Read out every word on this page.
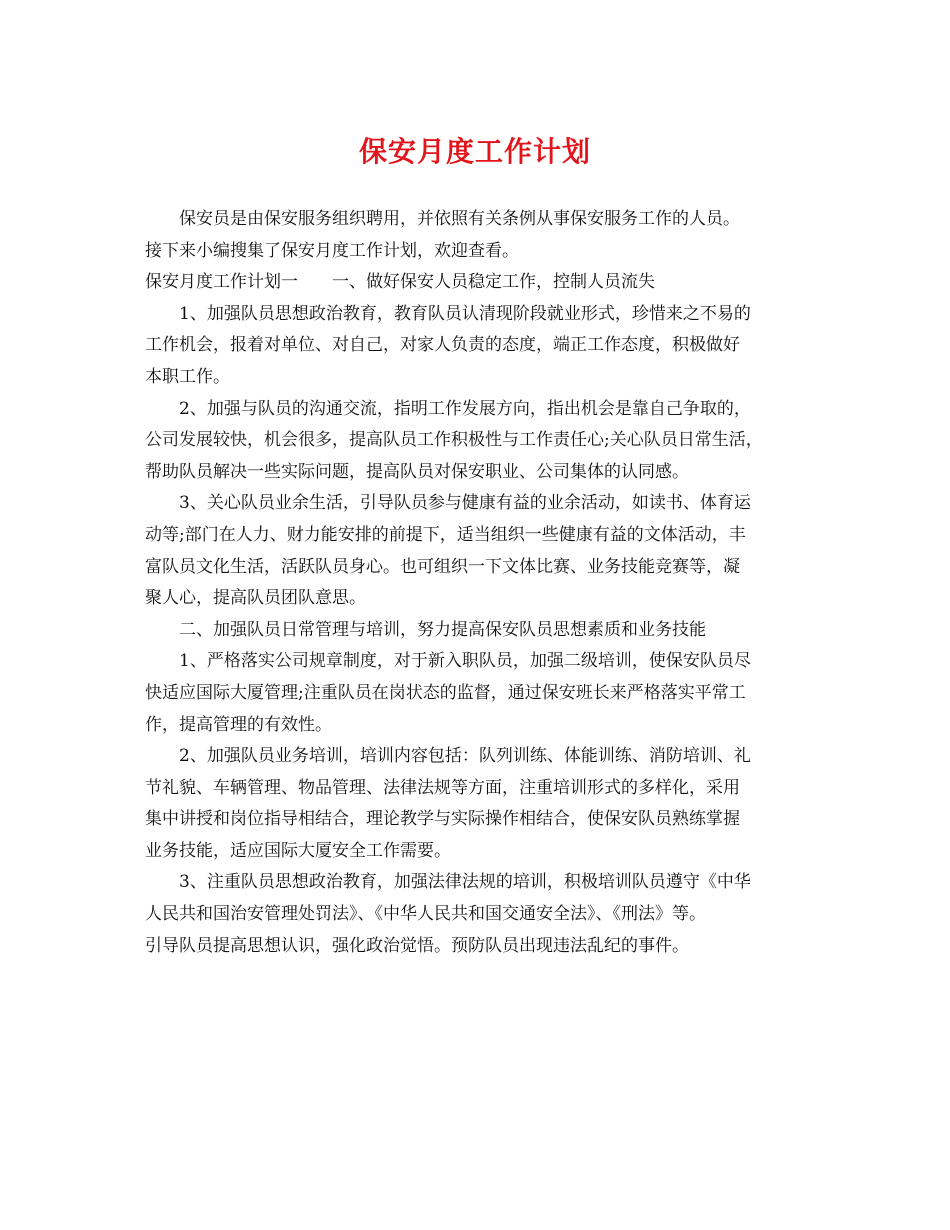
保安月度工作计划
保安员是由保安服务组织聘用，并依照有关条例从事保安服务工作的人员。
接下来小编搜集了保安月度工作计划，欢迎查看。
保安月度工作计划一 一、做好保安人员稳定工作，控制人员流失
1、加强队员思想政治教育，教育队员认清现阶段就业形式，珍惜来之不易的
工作机会，报着对单位、对自己，对家人负责的态度，端正工作态度，积极做好
本职工作。
2、加强与队员的沟通交流，指明工作发展方向，指出机会是靠自己争取的，
公司发展较快，机会很多，提高队员工作积极性与工作责任心;关心队员日常生活，
帮助队员解决一些实际问题，提高队员对保安职业、公司集体的认同感。
3、关心队员业余生活，引导队员参与健康有益的业余活动，如读书、体育运
动等;部门在人力、财力能安排的前提下，适当组织一些健康有益的文体活动，丰
富队员文化生活，活跃队员身心。也可组织一下文体比赛、业务技能竞赛等，凝
聚人心，提高队员团队意思。
二、加强队员日常管理与培训，努力提高保安队员思想素质和业务技能
1、严格落实公司规章制度，对于新入职队员，加强二级培训，使保安队员尽
快适应国际大厦管理;注重队员在岗状态的监督，通过保安班长来严格落实平常工
作，提高管理的有效性。
2、加强队员业务培训，培训内容包括：队列训练、体能训练、消防培训、礼
节礼貌、车辆管理、物品管理、法律法规等方面，注重培训形式的多样化，采用
集中讲授和岗位指导相结合，理论教学与实际操作相结合，使保安队员熟练掌握
业务技能，适应国际大厦安全工作需要。
3、注重队员思想政治教育，加强法律法规的培训，积极培训队员遵守《中华
人民共和国治安管理处罚法》、《中华人民共和国交通安全法》、《刑法》等。
引导队员提高思想认识，强化政治觉悟。预防队员出现违法乱纪的事件。
